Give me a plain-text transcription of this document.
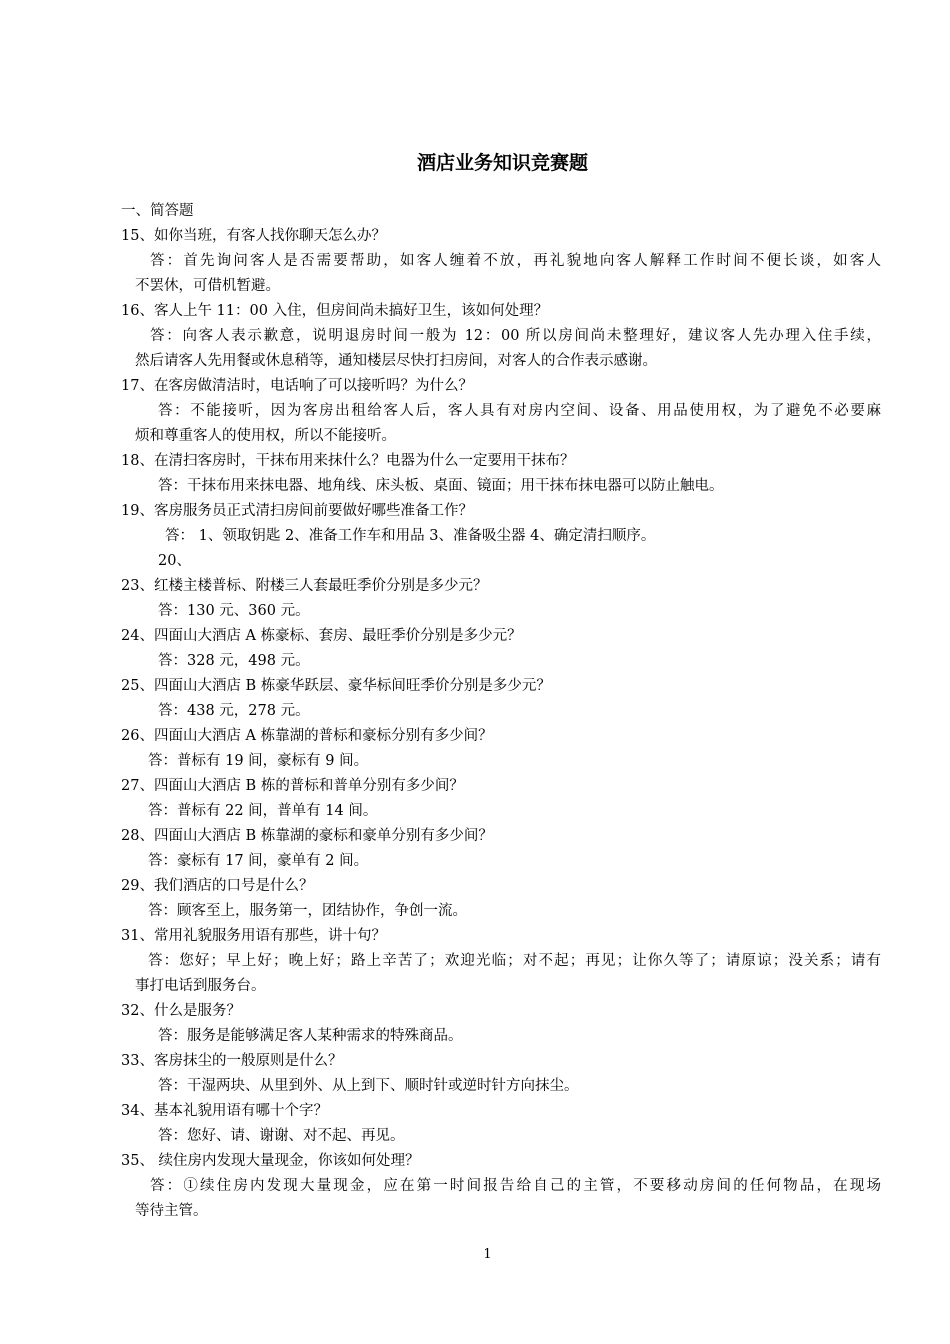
酒店业务知识竞赛题
一、简答题
15、如你当班，有客人找你聊天怎么办？
答：首先询问客人是否需要帮助，如客人缠着不放，再礼貌地向客人解释工作时间不便长谈，如客人
不罢休，可借机暂避。
16、客人上午 11：00 入住，但房间尚未搞好卫生，该如何处理？
答：向客人表示歉意，说明退房时间一般为 12：00 所以房间尚未整理好，建议客人先办理入住手续，
然后请客人先用餐或休息稍等，通知楼层尽快打扫房间，对客人的合作表示感谢。
17、在客房做清洁时，电话响了可以接听吗？为什么？
答：不能接听，因为客房出租给客人后，客人具有对房内空间、设备、用品使用权，为了避免不必要麻
烦和尊重客人的使用权，所以不能接听。
18、在清扫客房时，干抹布用来抹什么？电器为什么一定要用干抹布？
答：干抹布用来抹电器、地角线、床头板、桌面、镜面；用干抹布抹电器可以防止触电。
19、客房服务员正式清扫房间前要做好哪些准备工作？
答： 1、领取钥匙 2、准备工作车和用品 3、准备吸尘器 4、确定清扫顺序。
20、
23、红楼主楼普标、附楼三人套最旺季价分别是多少元？
答：130 元、360 元。
24、四面山大酒店 A 栋豪标、套房、最旺季价分别是多少元？
答：328 元，498 元。
25、四面山大酒店 B 栋豪华跃层、豪华标间旺季价分别是多少元？
答：438 元，278 元。
26、四面山大酒店 A 栋靠湖的普标和豪标分别有多少间？
答：普标有 19 间，豪标有 9 间。
27、四面山大酒店 B 栋的普标和普单分别有多少间？
答：普标有 22 间，普单有 14 间。
28、四面山大酒店 B 栋靠湖的豪标和豪单分别有多少间？
答：豪标有 17 间，豪单有 2 间。
29、我们酒店的口号是什么？
答：顾客至上，服务第一，团结协作，争创一流。
31、常用礼貌服务用语有那些，讲十句？
答：您好；早上好；晚上好；路上辛苦了；欢迎光临；对不起；再见；让你久等了；请原谅；没关系；请有
事打电话到服务台。
32、什么是服务？
答：服务是能够满足客人某种需求的特殊商品。
33、客房抹尘的一般原则是什么？
答：干湿两块、从里到外、从上到下、顺时针或逆时针方向抹尘。
34、基本礼貌用语有哪十个字？
答：您好、请、谢谢、对不起、再见。
35、 续住房内发现大量现金，你该如何处理？
答：①续住房内发现大量现金，应在第一时间报告给自己的主管，不要移动房间的任何物品，在现场
等待主管。
1
